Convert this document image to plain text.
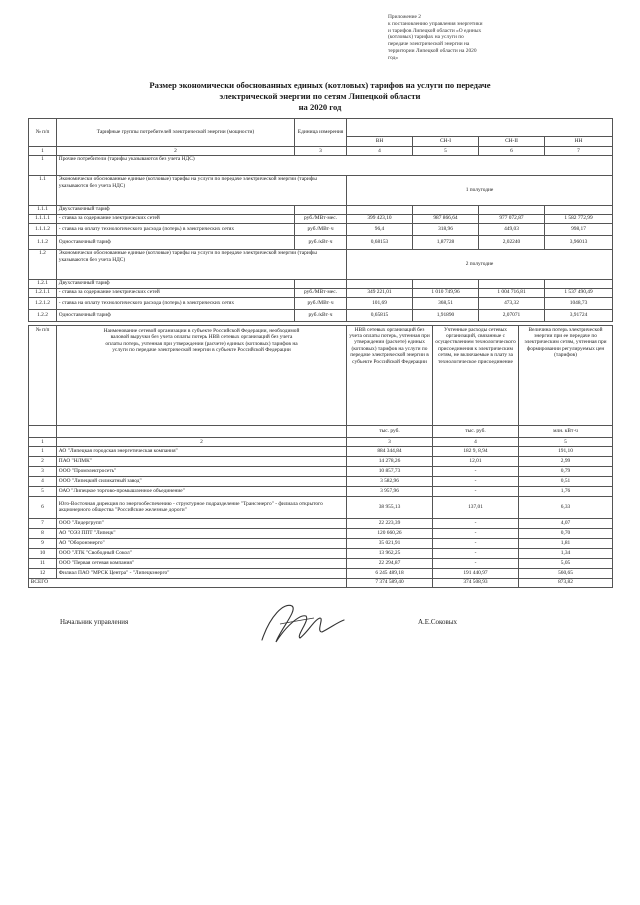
Приложение 2
к постановлению управления энергетики
и тарифов Липецкой области «О единых
(котловых) тарифах на услуги по
передаче электрической энергии на
территории Липецкой области на 2020
год»
Размер экономически обоснованных единых (котловых) тарифов на услуги по передаче
электрической энергии по сетям Липецкой области
на 2020 год
№ п/п	Тарифные группы потребителей электрической энергии (мощности)	Единица измерения				
			ВН	СН-I	СН-II	НН
1	2	3	4	5	6	7
1	Прочие потребители (тарифы указываются без учета НДС)					
1.1	Экономически обоснованные единые (котловые) тарифы на услуги по передаче электрической энергии (тарифы указываются без учета НДС)		1 полугодие			
1.1.1	Двухставочный тариф					
1.1.1.1	- ставка за содержание электрических сетей	руб./МВт·мес.	399 423,10	987 866,64	977 072,87	1 582 772,99
1.1.1.2	- ставка на оплату технологического расхода (потерь) в электрических сетях	руб./МВт·ч	96,4	318,96	449,03	998,17
1.1.2	Одноставочный тариф	руб./кВт·ч	0,68153	1,87728	2,02240	3,96013
1.2	Экономически обоснованные единые (котловые) тарифы на услуги по передаче электрической энергии (тарифы указываются без учета НДС)		2 полугодие			
1.2.1	Двухставочный тариф					
1.2.1.1	- ставка за содержание электрических сетей	руб./МВт·мес.	349 221,01	1 010 749,96	1 004 716,81	1 537 490,49
1.2.1.2	- ставка на оплату технологического расхода (потерь) в электрических сетях	руб./МВт·ч	101,69	368,51	473,32	1048,73
1.2.2	Одноставочный тариф	руб./кВт·ч	0,65815	1,91890	2,07071	3,91724
№ п/п	Наименование сетевой организации в субъекте Российской Федерации, необходимой валовой выручки без учета оплаты потерь НВВ сетевых организаций без учета оплаты потерь, учтенная при утверждении (расчете) единых (котловых) тарифов на услуги по передаче электрической энергии в субъекте Российской Федерации	НВВ сетевых организаций без учета оплаты потерь, учтенная при утверждении (расчете) единых (котловых) тарифов на услуги по передаче электрической энергии в субъекте Российской Федерации	Учтенные расходы сетевых организаций, связанные с осуществлением технологического присоединения к электрическим сетям, не включаемые в плату за технологическое присоединение	Величина потерь электрической энергии при ее передаче по электрическим сетям, учтенная при формировании регулируемых цен (тарифов)
		тыс. руб.	тыс. руб.	млн. кВт·ч
1	2	3	4	5
1	АО "Липецкая городская энергетическая компания"	884 344,84	182 9, 8,94	191,10
2	ПАО "НЛМК"	14 278,26	12,01	2,99
3	ООО "Промэлектросеть"	10 857,73	-	0,79
4	ООО "Липецкий силикатный завод"	3 582,96	-	0,51
5	ОАО "Липецкое торгово-промышленное объединение"	3 957,96	-	1,76
6	Юго-Восточная дирекция по энергообеспечению - структурное подразделение "Трансэнерго" - филиала открытого акционерного общества "Российские железные дороги"	38 955,13	137,01	6,33
7	ООО "Лидергрупп"	22 223,39	-	4,07
8	АО "ОЭЗ ППТ "Липецк"	120 660,26	-	0,70
9	АО "Оборонэнерго"	35 021,91	-	1,81
10	ООО "ЛТК "Свободный Сокол"	13 962,25	-	1,34
11	ООО "Первая сетевая компания"	22 294,87	-	5,05
12	Филиал ПАО "МРСК Центра" - "Липецкэнерго"	6 245 489,18	191 440,97	560,65
ВСЕГО		7 374 589,40	374 508,93	873,82
Начальник управления	А.Е.Соковых
